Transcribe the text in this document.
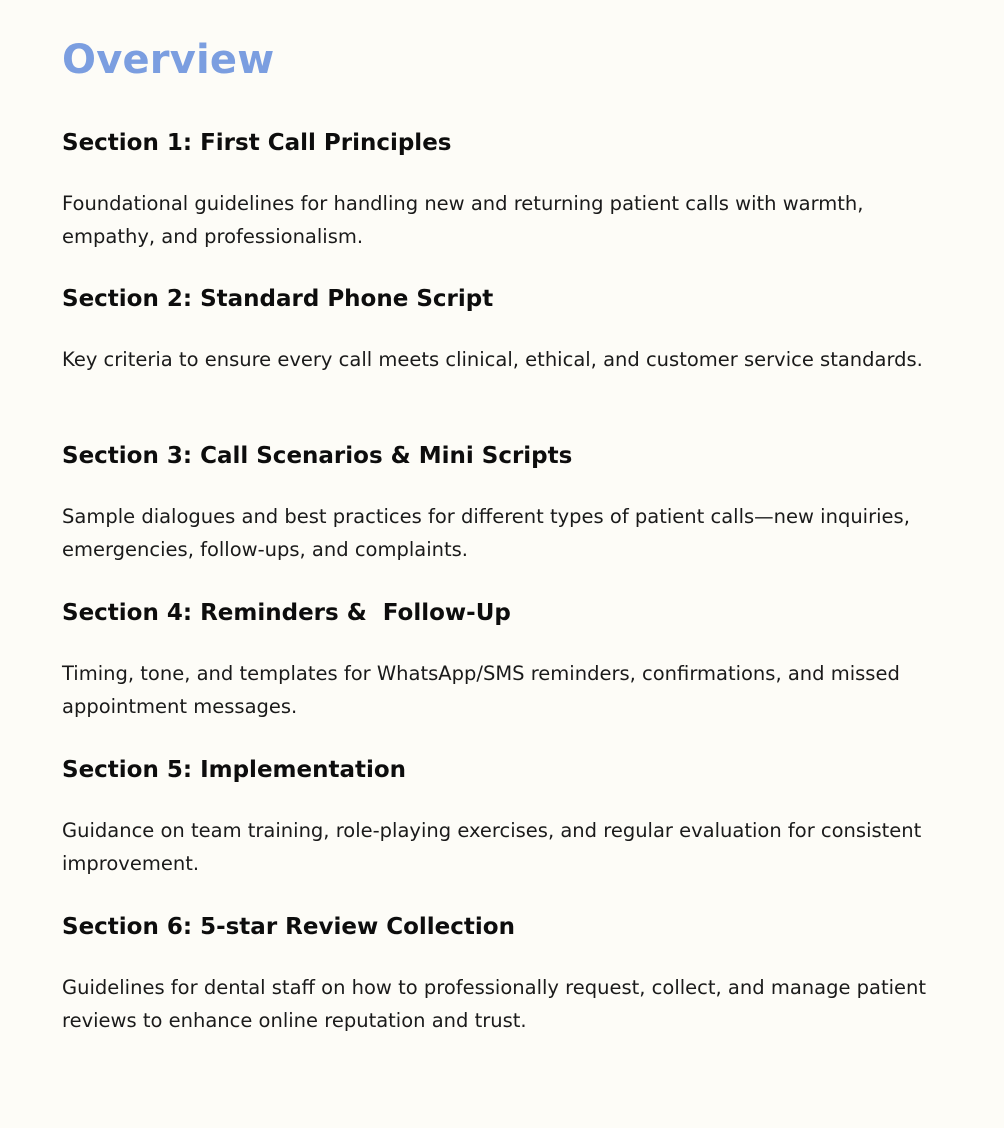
Overview
Section 1: First Call Principles

Foundational guidelines for handling new and returning patient calls with warmth, empathy, and professionalism.

Section 2: Standard Phone Script

Key criteria to ensure every call meets clinical, ethical, and customer service standards.

Section 3: Call Scenarios & Mini Scripts

Sample dialogues and best practices for different types of patient calls—new inquiries, emergencies, follow-ups, and complaints.

Section 4: Reminders &  Follow-Up

Timing, tone, and templates for WhatsApp/SMS reminders, confirmations, and missed appointment messages.

Section 5: Implementation

Guidance on team training, role-playing exercises, and regular evaluation for consistent improvement.

Section 6: 5-star Review Collection

Guidelines for dental staff on how to professionally request, collect, and manage patient reviews to enhance online reputation and trust.
